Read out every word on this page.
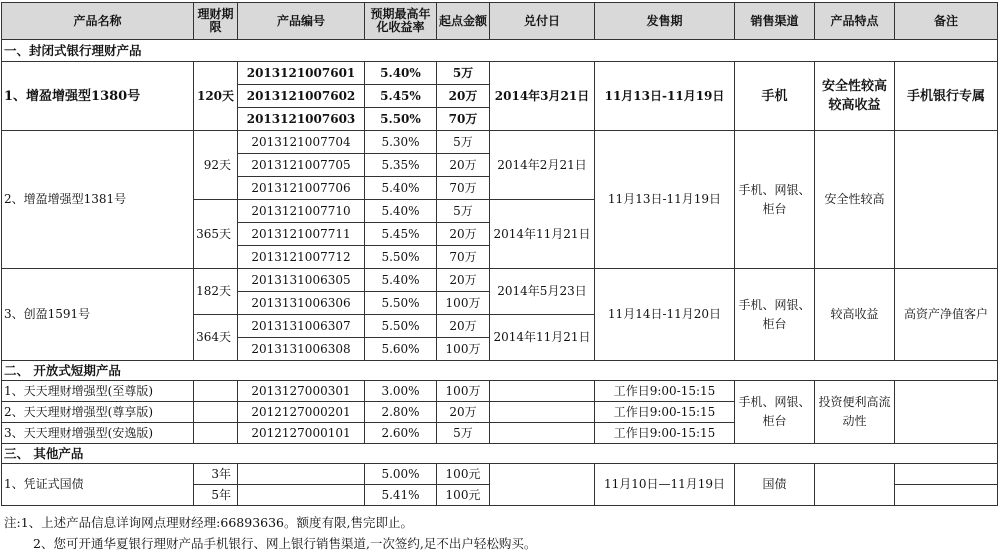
产品名称	理财期限	产品编号	预期最高年化收益率	起点金额	兑付日	发售期	销售渠道	产品特点	备注
一、封闭式银行理财产品									
1、增盈增强型1380号	120天	2013121007601	5.40%	5万	2014年3月21日	11月13日-11月19日	手机	安全性较高较高收益	手机银行专属
		2013121007602	5.45%	20万					
		2013121007603	5.50%	70万					
2、增盈增强型1381号	92天	2013121007704	5.30%	5万	2014年2月21日	11月13日-11月19日	手机、网银、柜台	安全性较高	
		2013121007705	5.35%	20万					
		2013121007706	5.40%	70万					
	365天	2013121007710	5.40%	5万	2014年11月21日				
		2013121007711	5.45%	20万					
		2013121007712	5.50%	70万					
3、创盈1591号	182天	2013131006305	5.40%	20万	2014年5月23日	11月14日-11月20日	手机、网银、柜台	较高收益	高资产净值客户
		2013131006306	5.50%	100万					
	364天	2013131006307	5.50%	20万	2014年11月21日				
		2013131006308	5.60%	100万					
二、 开放式短期产品									
1、天天理财增强型(至尊版)		2013127000301	3.00%	100万		工作日9:00-15:15	手机、网银、柜台	投资便利高流动性	
2、天天理财增强型(尊享版)		2012127000201	2.80%	20万		工作日9:00-15:15			
3、天天理财增强型(安逸版)		2012127000101	2.60%	5万		工作日9:00-15:15			
三、 其他产品									
1、凭证式国债	3年		5.00%	100元		11月10日—11月19日	国债		
	5年		5.41%	100元					
注:1、上述产品信息详询网点理财经理:66893636。额度有限,售完即止。
2、您可开通华夏银行理财产品手机银行、网上银行销售渠道,一次签约,足不出户轻松购买。
